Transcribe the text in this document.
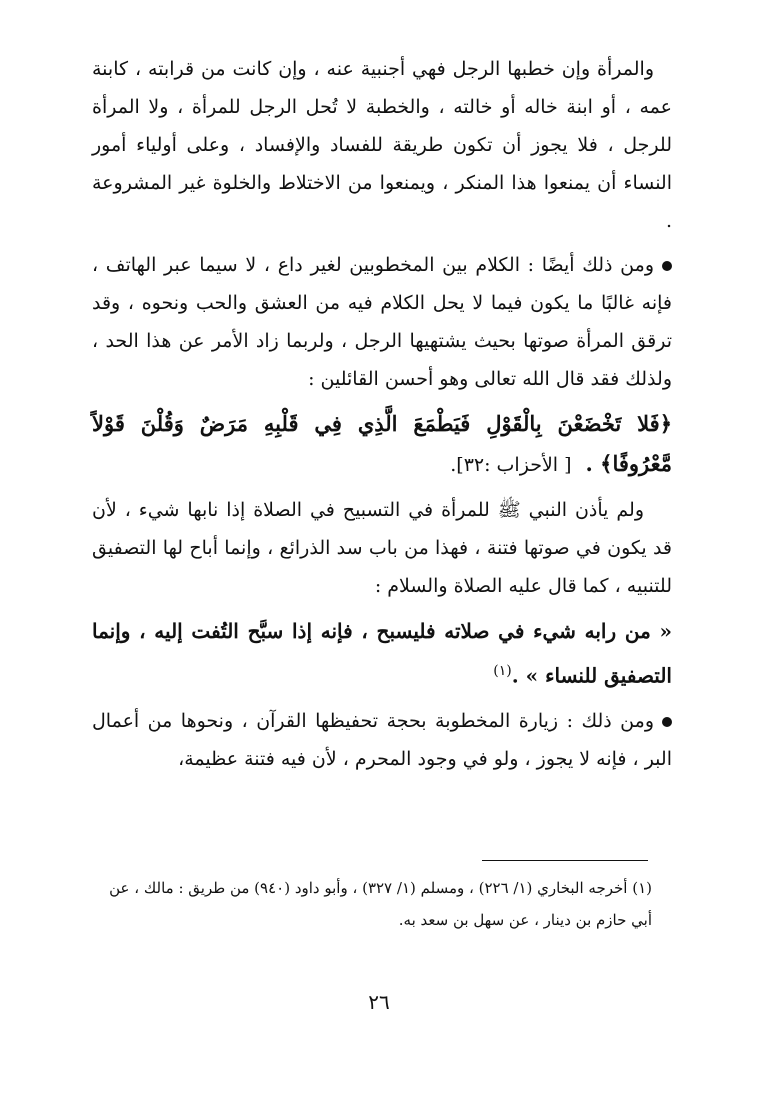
والمرأة وإن خطبها الرجل فهي أجنبية عنه ، وإن كانت من قرابته ، كابنة عمه ، أو ابنة خاله أو خالته ، والخطبة لا تُحل الرجل للمرأة ، ولا المرأة للرجل ، فلا يجوز أن تكون طريقة للفساد والإفساد ، وعلى أولياء أمور النساء أن يمنعوا هذا المنكر ، ويمنعوا من الاختلاط والخلوة غير المشروعة .

ومن ذلك أيضًا : الكلام بين المخطوبين لغير داع ، لا سيما عبر الهاتف ، فإنه غالبًا ما يكون فيما لا يحل الكلام فيه من العشق والحب ونحوه ، وقد ترقق المرأة صوتها بحيث يشتهيها الرجل ، ولربما زاد الأمر عن هذا الحد ، ولذلك فقد قال الله تعالى وهو أحسن القائلين :

﴿فَلا تَخْضَعْنَ بِالْقَوْلِ فَيَطْمَعَ الَّذِي فِي قَلْبِهِ مَرَضٌ وَقُلْنَ قَوْلاً مَّعْرُوفًا﴾ .[ الأحزاب :٣٢].

ولم يأذن النبي ﷺ للمرأة في التسبيح في الصلاة إذا نابها شيء ، لأن قد يكون في صوتها فتنة ، فهذا من باب سد الذرائع ، وإنما أباح لها التصفيق للتنبيه ، كما قال عليه الصلاة والسلام :

« من رابه شيء في صلاته فليسبح ، فإنه إذا سبَّح التُفت إليه ، وإنما التصفيق للنساء » .$^{(١)}$

ومن ذلك : زيارة المخطوبة بحجة تحفيظها القرآن ، ونحوها من أعمال البر ، فإنه لا يجوز ، ولو في وجود المحرم ، لأن فيه فتنة عظيمة،

(١) أخرجه البخاري (١/ ٢٢٦) ، ومسلم (١/ ٣٢٧) ، وأبو داود (٩٤٠) من طريق : مالك ، عن أبي حازم بن دينار ، عن سهل بن سعد به.
٢٦
